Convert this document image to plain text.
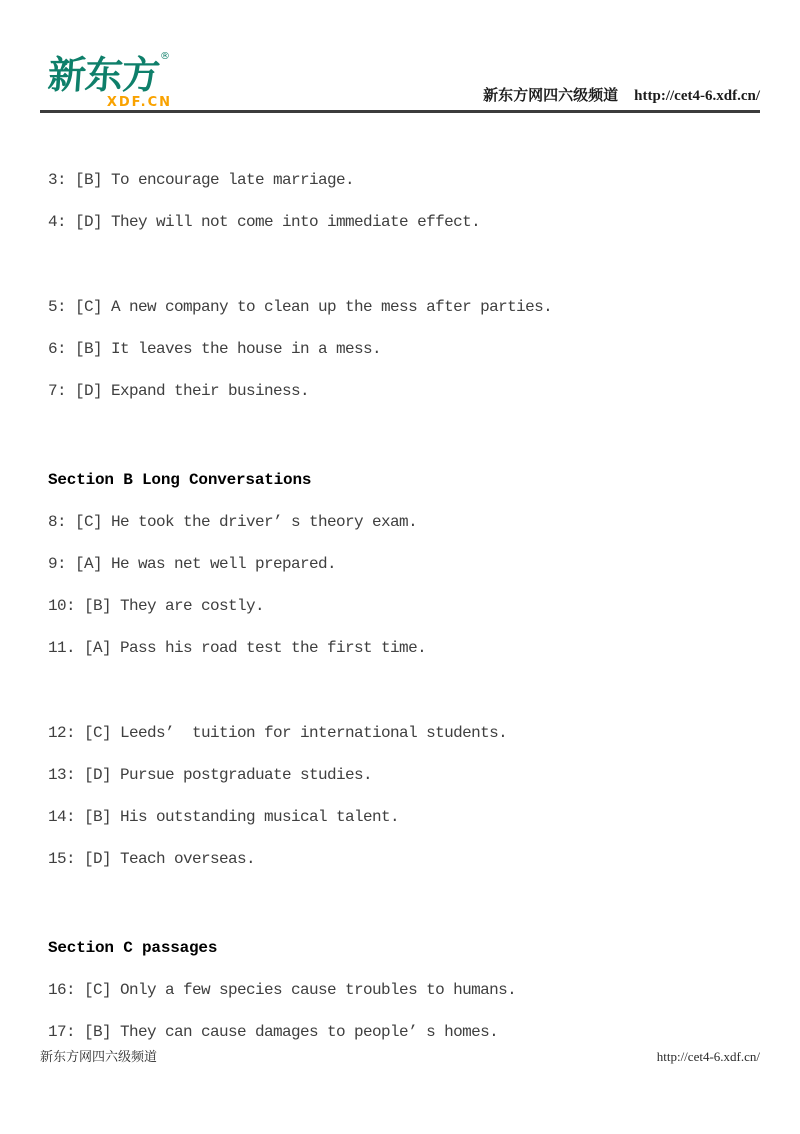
新东方®
XDF.CN	新东方网四六级频道 http://cet4-6.xdf.cn/
3: [B] To encourage late marriage.
4: [D] They will not come into immediate effect.
5: [C] A new company to clean up the mess after parties.
6: [B] It leaves the house in a mess.
7: [D] Expand their business.
Section B Long Conversations
8: [C] He took the driver’ s theory exam.
9: [A] He was net well prepared.
10: [B] They are costly.
11. [A] Pass his road test the first time.
12: [C] Leeds’  tuition for international students.
13: [D] Pursue postgraduate studies.
14: [B] His outstanding musical talent.
15: [D] Teach overseas.
Section C passages
16: [C] Only a few species cause troubles to humans.
17: [B] They can cause damages to people’ s homes.
新东方网四六级频道	http://cet4-6.xdf.cn/
